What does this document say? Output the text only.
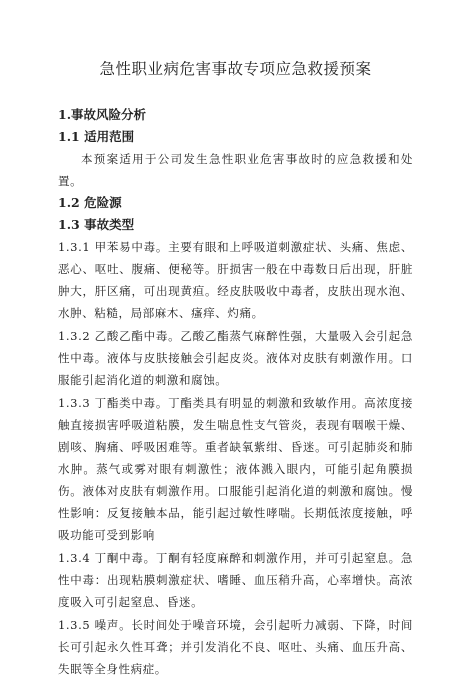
急性职业病危害事故专项应急救援预案
1.事故风险分析
1.1 适用范围

本预案适用于公司发生急性职业危害事故时的应急救援和处置。

1.2 危险源
1.3 事故类型

1.3.1 甲苯易中毒。主要有眼和上呼吸道刺激症状、头痛、焦虑、恶心、呕吐、腹痛、便秘等。肝损害一般在中毒数日后出现，肝脏肿大，肝区痛，可出现黄疸。经皮肤吸收中毒者，皮肤出现水泡、水肿、粘糙，局部麻木、瘙痒、灼痛。

1.3.2 乙酸乙酯中毒。乙酸乙酯蒸气麻醉性强，大量吸入会引起急性中毒。液体与皮肤接触会引起皮炎。液体对皮肤有刺激作用。口服能引起消化道的刺激和腐蚀。

1.3.3 丁酯类中毒。丁酯类具有明显的刺激和致敏作用。高浓度接触直接损害呼吸道粘膜，发生喘息性支气管炎，表现有咽喉干燥、剧咳、胸痛、呼吸困难等。重者缺氧紫绀、昏迷。可引起肺炎和肺水肿。蒸气或雾对眼有刺激性；液体溅入眼内，可能引起角膜损伤。液体对皮肤有刺激作用。口服能引起消化道的刺激和腐蚀。慢性影响：反复接触本品，能引起过敏性哮喘。长期低浓度接触，呼吸功能可受到影响

1.3.4 丁酮中毒。丁酮有轻度麻醉和刺激作用，并可引起窒息。急性中毒：出现粘膜刺激症状、嗜睡、血压稍升高，心率增快。高浓度吸入可引起窒息、昏迷。

1.3.5 噪声。长时间处于噪音环境，会引起听力减弱、下降，时间长可引起永久性耳聋；并引发消化不良、呕吐、头痛、血压升高、失眠等全身性病症。
